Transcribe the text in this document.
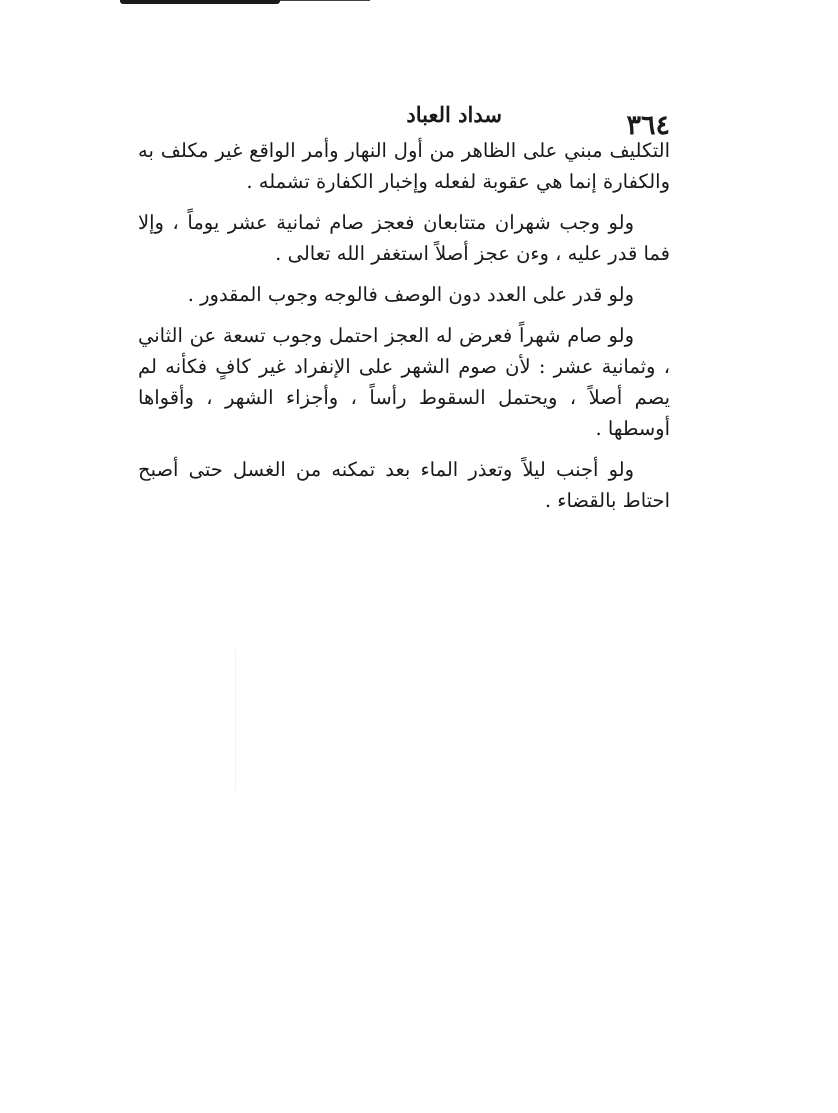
٣٦٤
سداد العباد

التكليف مبني على الظاهر من أول النهار وأمر الواقع غير مكلف به والكفارة إنما هي عقوبة لفعله وإخبار الكفارة تشمله .

ولو وجب شهران متتابعان فعجز صام ثمانية عشر يوماً ، وإلا فما قدر عليه ، وءن عجز أصلاً استغفر الله تعالى .

ولو قدر على العدد دون الوصف فالوجه وجوب المقدور .

ولو صام شهراً فعرض له العجز احتمل وجوب تسعة عن الثاني ، وثمانية عشر : لأن صوم الشهر على الإنفراد غير كافٍ فكأنه لم يصم أصلاً ، ويحتمل السقوط رأساً ، وأجزاء الشهر ، وأقواها أوسطها .

ولو أجنب ليلاً وتعذر الماء بعد تمكنه من الغسل حتى أصبح احتاط بالقضاء .
